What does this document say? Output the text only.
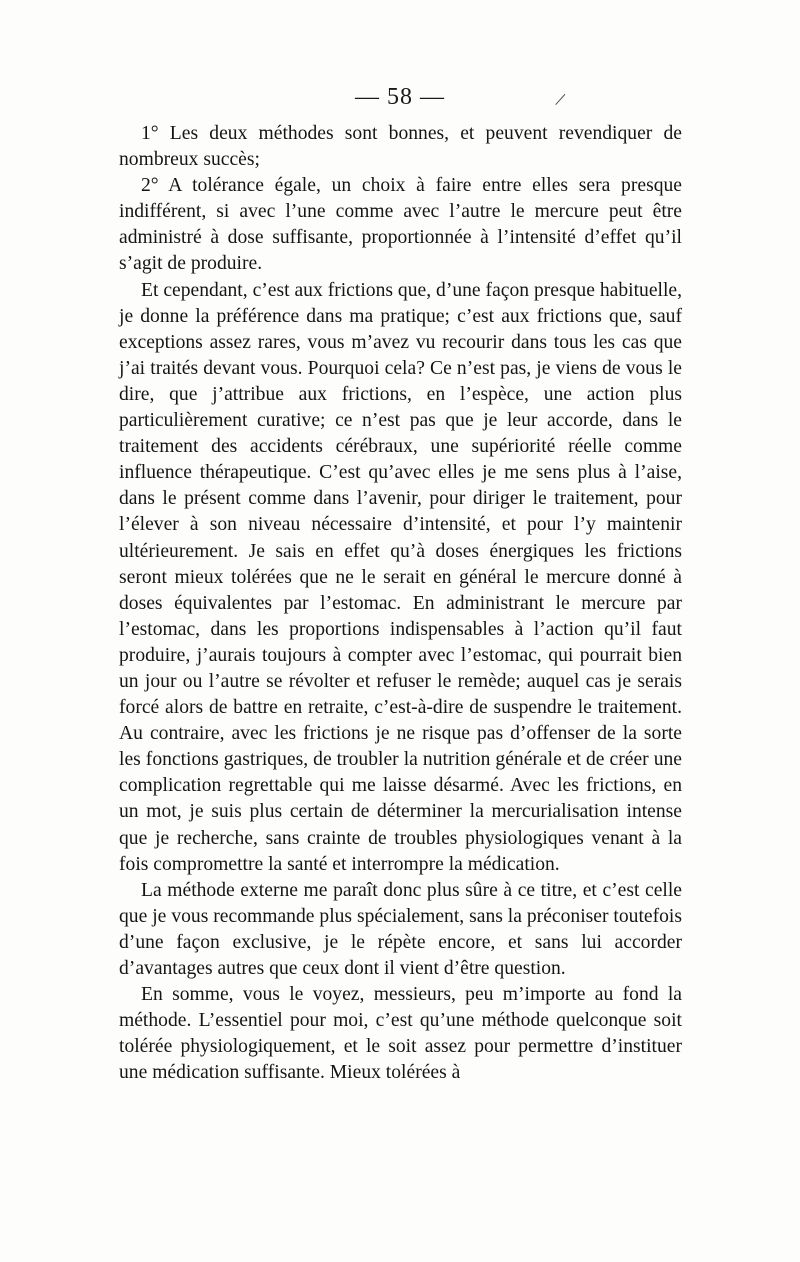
— 58 —

1° Les deux méthodes sont bonnes, et peuvent revendiquer de nombreux succès;

2° A tolérance égale, un choix à faire entre elles sera presque indifférent, si avec l’une comme avec l’autre le mercure peut être administré à dose suffisante, proportionnée à l’intensité d’effet qu’il s’agit de produire.

Et cependant, c’est aux frictions que, d’une façon presque habituelle, je donne la préférence dans ma pratique; c’est aux frictions que, sauf exceptions assez rares, vous m’avez vu recourir dans tous les cas que j’ai traités devant vous. Pourquoi cela? Ce n’est pas, je viens de vous le dire, que j’attribue aux frictions, en l’espèce, une action plus particulièrement curative; ce n’est pas que je leur accorde, dans le traitement des accidents cérébraux, une supériorité réelle comme influence thérapeutique. C’est qu’avec elles je me sens plus à l’aise, dans le présent comme dans l’avenir, pour diriger le traitement, pour l’élever à son niveau nécessaire d’intensité, et pour l’y maintenir ultérieurement. Je sais en effet qu’à doses énergiques les frictions seront mieux tolérées que ne le serait en général le mercure donné à doses équivalentes par l’estomac. En administrant le mercure par l’estomac, dans les proportions indispensables à l’action qu’il faut produire, j’aurais toujours à compter avec l’estomac, qui pourrait bien un jour ou l’autre se révolter et refuser le remède; auquel cas je serais forcé alors de battre en retraite, c’est-à-dire de suspendre le traitement. Au contraire, avec les frictions je ne risque pas d’offenser de la sorte les fonctions gastriques, de troubler la nutrition générale et de créer une complication regrettable qui me laisse désarmé. Avec les frictions, en un mot, je suis plus certain de déterminer la mercurialisation intense que je recherche, sans crainte de troubles physiologiques venant à la fois compromettre la santé et interrompre la médication.

La méthode externe me paraît donc plus sûre à ce titre, et c’est celle que je vous recommande plus spécialement, sans la préconiser toutefois d’une façon exclusive, je le répète encore, et sans lui accorder d’avantages autres que ceux dont il vient d’être question.

En somme, vous le voyez, messieurs, peu m’importe au fond la méthode. L’essentiel pour moi, c’est qu’une méthode quelconque soit tolérée physiologiquement, et le soit assez pour permettre d’instituer une médication suffisante. Mieux tolérées à
